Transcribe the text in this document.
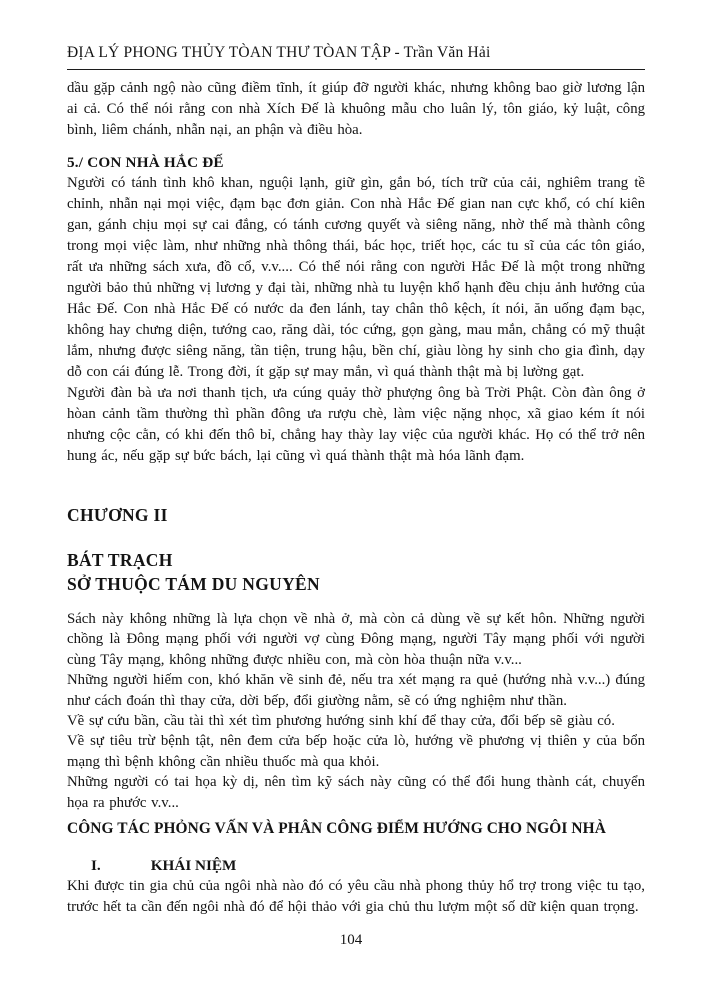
ĐỊA LÝ PHONG THỦY TÒAN THƯ TÒAN TẬP - Trần Văn Hải

dầu gặp cảnh ngộ nào cũng điềm tĩnh, ít giúp đỡ người khác, nhưng không bao giờ lương lận ai cả. Có thể nói rằng con nhà Xích Đế là khuông mẫu cho luân lý, tôn giáo, kỷ luật, công bình, liêm chánh, nhẫn nại, an phận và điều hòa.

5./ CON NHÀ HẮC ĐẾ

Người có tánh tình khô khan, nguội lạnh, giữ gìn, gắn bó, tích trữ của cải, nghiêm trang tề chỉnh, nhẫn nại mọi việc, đạm bạc đơn giản. Con nhà Hắc Đế gian nan cực khổ, có chí kiên gan, gánh chịu mọi sự cai đắng, có tánh cương quyết và siêng năng, nhờ thế mà thành công trong mọi việc làm, như những nhà thông thái, bác học, triết học, các tu sĩ của các tôn giáo, rất ưa những sách xưa, đồ cổ, v.v.... Có thể nói rằng con người Hắc Đế là một trong những người bảo thủ những vị lương y đại tài, những nhà tu luyện khổ hạnh đều chịu ảnh hưởng của Hắc Đế. Con nhà Hắc Đế có nước da đen lánh, tay chân thô kệch, ít nói, ăn uống đạm bạc, không hay chưng diện, tướng cao, răng dài, tóc cứng, gọn gàng, mau mắn, chẳng có mỹ thuật lắm, nhưng được siêng năng, tần tiện, trung hậu, bền chí, giàu lòng hy sinh cho gia đình, dạy dỗ con cái đúng lễ. Trong đời, ít gặp sự may mắn, vì quá thành thật mà bị lường gạt.

Người đàn bà ưa nơi thanh tịch, ưa cúng quảy thờ phượng ông bà Trời Phật. Còn đàn ông ở hòan cảnh tầm thường thì phần đông ưa rượu chè, làm việc nặng nhọc, xã giao kém ít nói nhưng cộc cằn, có khi đến thô bỉ, chẳng hay thày lay việc của người khác. Họ có thể trở nên hung ác, nếu gặp sự bức bách, lại cũng vì quá thành thật mà hóa lãnh đạm.

CHƯƠNG II
BÁT TRẠCH
SỞ THUỘC TÁM DU NGUYÊN

Sách này không những là lựa chọn về nhà ở, mà còn cả dùng về sự kết hôn. Những người chồng là Đông mạng phối với người vợ cùng Đông mạng, người Tây mạng phối với người cùng Tây mạng, không những được nhiều con, mà còn hòa thuận nữa v.v...

Những người hiếm con, khó khăn về sinh đẻ, nếu tra xét mạng ra quẻ (hướng nhà v.v...) đúng như cách đoán thì thay cửa, dời bếp, đổi giường nằm, sẽ có ứng nghiệm như thần.

Về sự cứu bần, cầu tài thì xét tìm phương hướng sinh khí để thay cửa, đổi bếp sẽ giàu có.

Về sự tiêu trừ bệnh tật, nên đem cửa bếp hoặc cửa lò, hướng về phương vị thiên y của bổn mạng thì bệnh không cần nhiều thuốc mà qua khỏi.

Những người có tai họa kỳ dị, nên tìm kỹ sách này cũng có thể đổi hung thành cát, chuyển họa ra phước v.v...

CÔNG TÁC PHỎNG VẤN VÀ PHÂN CÔNG ĐIỂM HƯỚNG CHO NGÔI NHÀ
I.	KHÁI NIỆM

Khi được tin gia chủ của ngôi nhà nào đó có yêu cầu nhà phong thủy hổ trợ trong việc tu tạo, trước hết ta cần đến ngôi nhà đó để hội thảo với gia chủ thu lượm một số dữ kiện quan trọng.

104
